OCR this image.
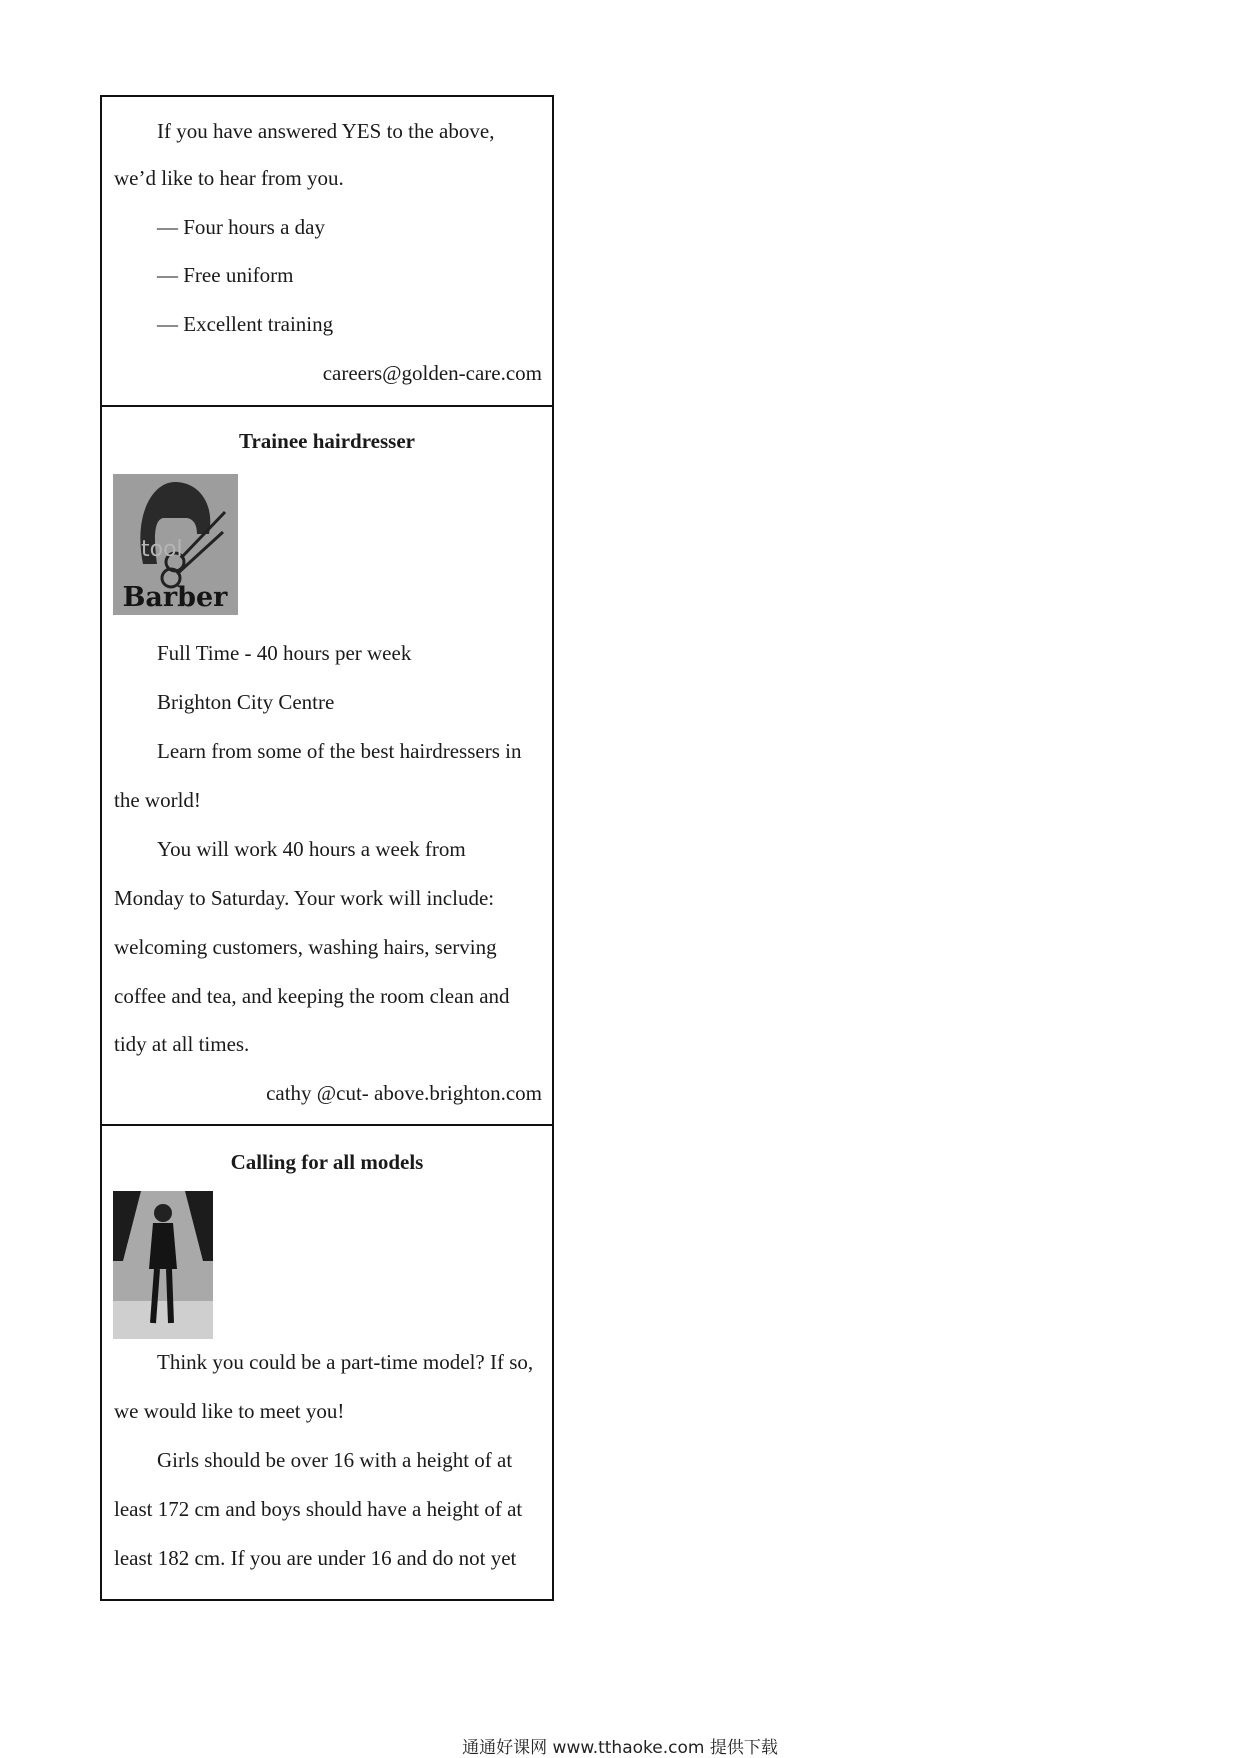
If you have answered YES to the above,
we’d like to hear from you.
— Four hours a day
— Free uniform
— Excellent training
careers@golden-care.com
Trainee hairdresser
tool
Barber
Full Time - 40 hours per week
Brighton City Centre
Learn from some of the best hairdressers in
the world!
You will work 40 hours a week from
Monday to Saturday. Your work will include:
welcoming customers, washing hairs, serving
coffee and tea, and keeping the room clean and
tidy at all times.
cathy @cut- above.brighton.com
Calling for all models
Think you could be a part-time model? If so,
we would like to meet you!
Girls should be over 16 with a height of at
least 172 cm and boys should have a height of at
least 182 cm. If you are under 16 and do not yet
通通好课网 www.tthaoke.com 提供下载
